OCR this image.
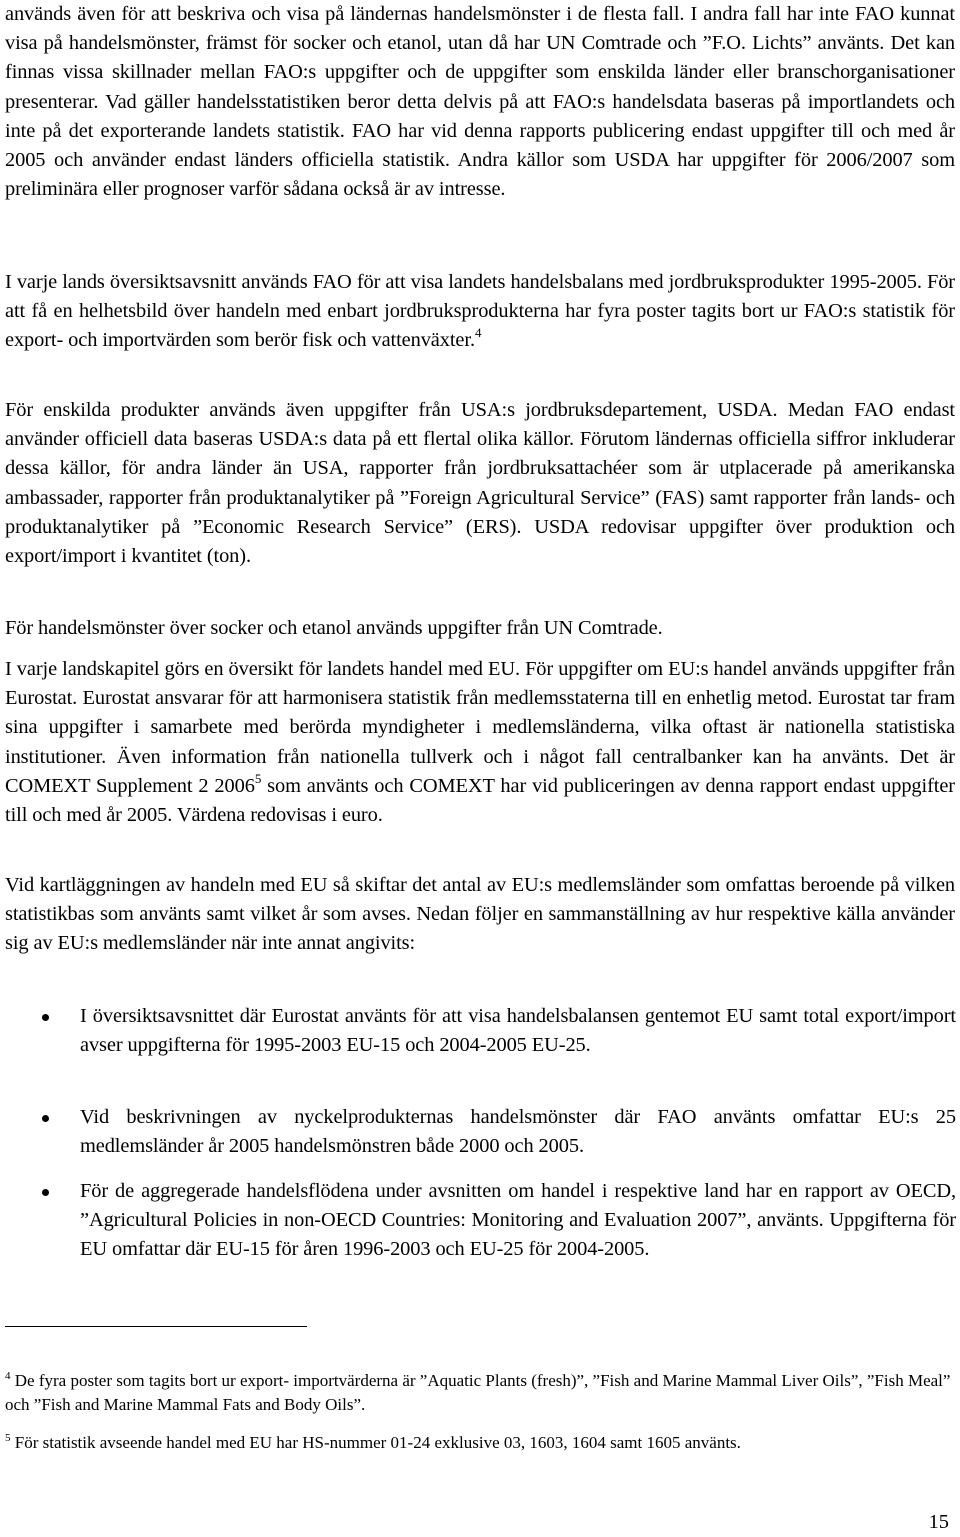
används även för att beskriva och visa på ländernas handelsmönster i de flesta fall. I andra fall har inte FAO kunnat visa på handelsmönster, främst för socker och etanol, utan då har UN Comtrade och ”F.O. Lichts” använts. Det kan finnas vissa skillnader mellan FAO:s uppgifter och de uppgifter som enskilda länder eller branschorganisationer presenterar. Vad gäller handelsstatistiken beror detta delvis på att FAO:s handelsdata baseras på importlandets och inte på det exporterande landets statistik. FAO har vid denna rapports publicering endast uppgifter till och med år 2005 och använder endast länders officiella statistik. Andra källor som USDA har uppgifter för 2006/2007 som preliminära eller prognoser varför sådana också är av intresse.

I varje lands översiktsavsnitt används FAO för att visa landets handelsbalans med jordbruksprodukter 1995-2005. För att få en helhetsbild över handeln med enbart jordbruksprodukterna har fyra poster tagits bort ur FAO:s statistik för export- och importvärden som berör fisk och vattenväxter.$^4$

För enskilda produkter används även uppgifter från USA:s jordbruksdepartement, USDA. Medan FAO endast använder officiell data baseras USDA:s data på ett flertal olika källor. Förutom ländernas officiella siffror inkluderar dessa källor, för andra länder än USA, rapporter från jordbruksattachéer som är utplacerade på amerikanska ambassader, rapporter från produktanalytiker på ”Foreign Agricultural Service” (FAS) samt rapporter från lands- och produktanalytiker på ”Economic Research Service” (ERS). USDA redovisar uppgifter över produktion och export/import i kvantitet (ton).

För handelsmönster över socker och etanol används uppgifter från UN Comtrade.

I varje landskapitel görs en översikt för landets handel med EU. För uppgifter om EU:s handel används uppgifter från Eurostat. Eurostat ansvarar för att harmonisera statistik från medlemsstaterna till en enhetlig metod. Eurostat tar fram sina uppgifter i samarbete med berörda myndigheter i medlemsländerna, vilka oftast är nationella statistiska institutioner. Även information från nationella tullverk och i något fall centralbanker kan ha använts. Det är COMEXT Supplement 2 2006$^5$ som använts och COMEXT har vid publiceringen av denna rapport endast uppgifter till och med år 2005. Värdena redovisas i euro.

Vid kartläggningen av handeln med EU så skiftar det antal av EU:s medlemsländer som omfattas beroende på vilken statistikbas som använts samt vilket år som avses. Nedan följer en sammanställning av hur respektive källa använder sig av EU:s medlemsländer när inte annat angivits:

I översiktsavsnittet där Eurostat använts för att visa handelsbalansen gentemot EU samt total export/import avser uppgifterna för 1995-2003 EU-15 och 2004-2005 EU-25.
Vid beskrivningen av nyckelprodukternas handelsmönster där FAO använts omfattar EU:s 25 medlemsländer år 2005 handelsmönstren både 2000 och 2005.
För de aggregerade handelsflödena under avsnitten om handel i respektive land har en rapport av OECD, ”Agricultural Policies in non-OECD Countries: Monitoring and Evaluation 2007”, använts. Uppgifterna för EU omfattar där EU-15 för åren 1996-2003 och EU-25 för 2004-2005.

$^4$ De fyra poster som tagits bort ur export- importvärderna är ”Aquatic Plants (fresh)”, ”Fish and Marine Mammal Liver Oils”, ”Fish Meal” och ”Fish and Marine Mammal Fats and Body Oils”.

$^5$ För statistik avseende handel med EU har HS-nummer 01-24 exklusive 03, 1603, 1604 samt 1605 använts.

15
